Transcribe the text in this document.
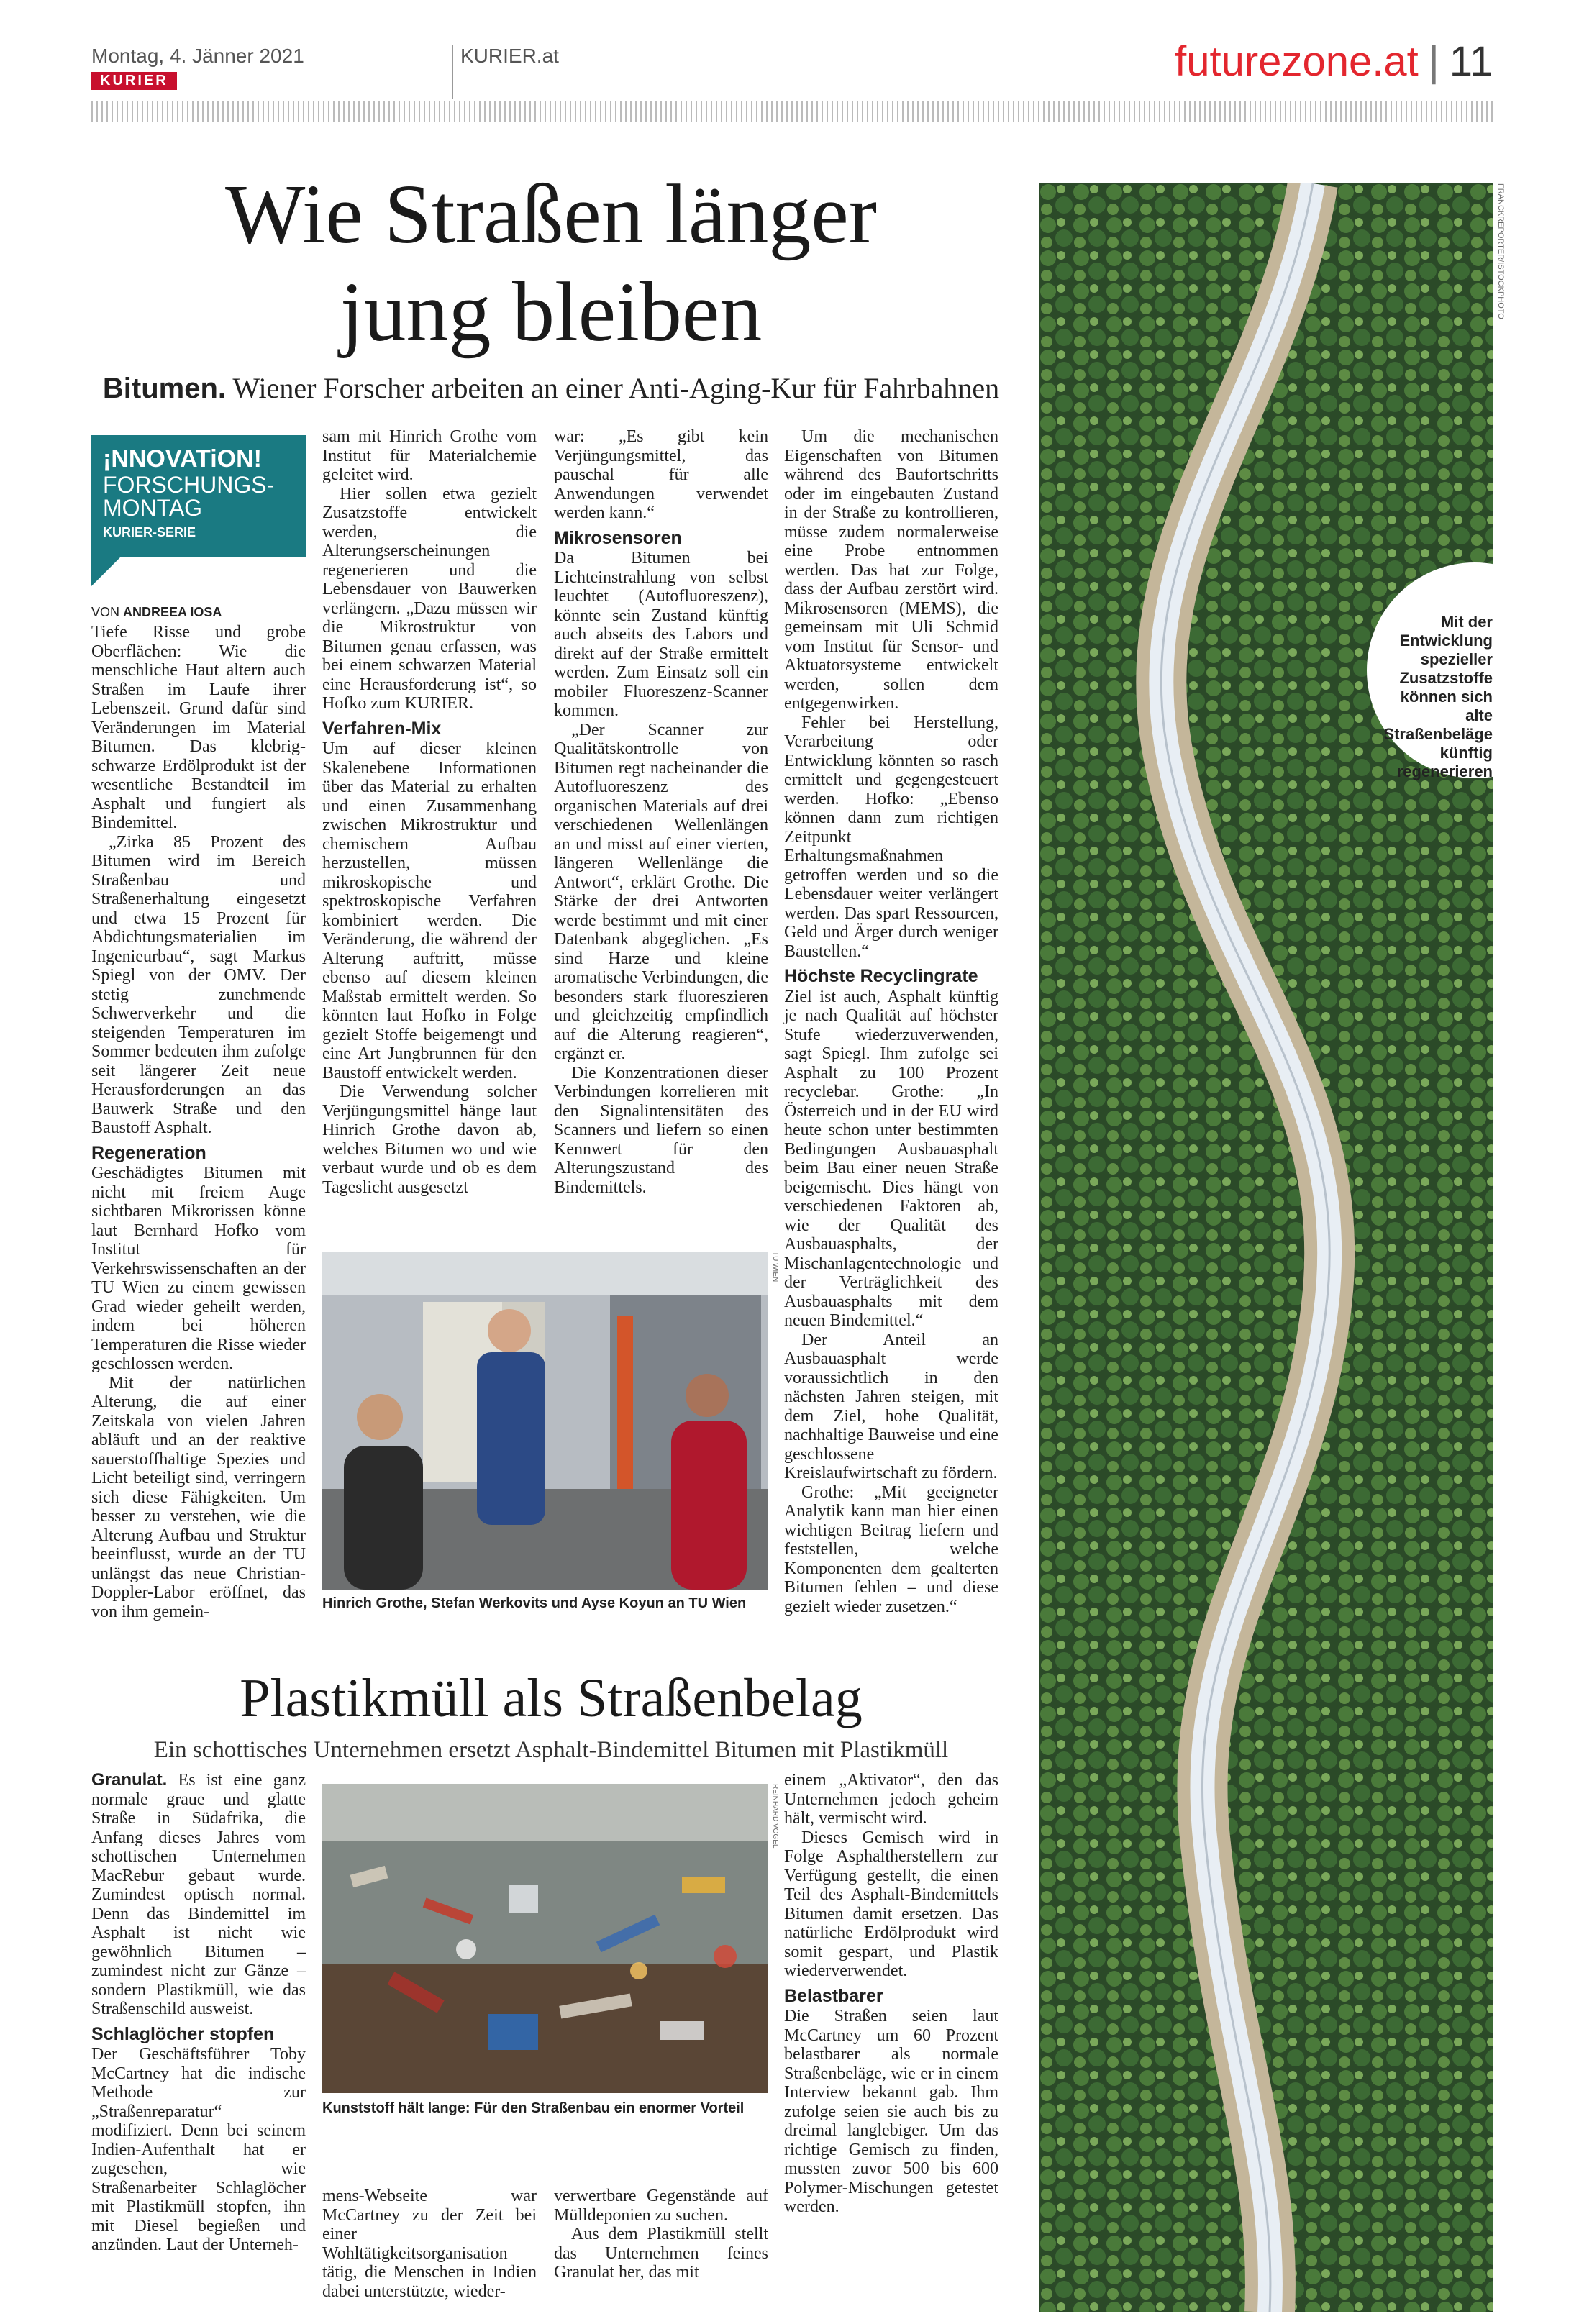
Montag, 4. Jänner 2021
KURIER
KURIER.at	futurezone.at | 11
Wie Straßen länger
jung bleiben
Bitumen. Wiener Forscher arbeiten an einer Anti-Aging-Kur für Fahrbahnen
¡NNOVATiON!
FORSCHUNGS-
MONTAG
KURIER-SERIE
VON ANDREEA IOSA

Tiefe Risse und grobe Oberflächen: Wie die menschliche Haut altern auch Straßen im Laufe ihrer Lebenszeit. Grund dafür sind Veränderungen im Material Bitumen. Das klebrig-schwarze Erdölprodukt ist der wesentliche Bestandteil im Asphalt und fungiert als Bindemittel.

„Zirka 85 Prozent des Bitumen wird im Bereich Straßenbau und Straßenerhaltung eingesetzt und etwa 15 Prozent für Abdichtungsmaterialien im Ingenieurbau“, sagt Markus Spiegl von der OMV. Der stetig zunehmende Schwerverkehr und die steigenden Temperaturen im Sommer bedeuten ihm zufolge seit längerer Zeit neue Herausforderungen an das Bauwerk Straße und den Baustoff Asphalt.

Regeneration

Geschädigtes Bitumen mit nicht mit freiem Auge sichtbaren Mikrorissen könne laut Bernhard Hofko vom Institut für Verkehrswissenschaften an der TU Wien zu einem gewissen Grad wieder geheilt werden, indem bei höheren Temperaturen die Risse wieder geschlossen werden.

Mit der natürlichen Alterung, die auf einer Zeitskala von vielen Jahren abläuft und an der reaktive sauerstoffhaltige Spezies und Licht beteiligt sind, verringern sich diese Fähigkeiten. Um besser zu verstehen, wie die Alterung Aufbau und Struktur beeinflusst, wurde an der TU unlängst das neue Christian-Doppler-Labor eröffnet, das von ihm gemein-

sam mit Hinrich Grothe vom Institut für Materialchemie geleitet wird.

Hier sollen etwa gezielt Zusatzstoffe entwickelt werden, die Alterungserscheinungen regenerieren und die Lebensdauer von Bauwerken verlängern. „Dazu müssen wir die Mikrostruktur von Bitumen genau erfassen, was bei einem schwarzen Material eine Herausforderung ist“, so Hofko zum KURIER.

Verfahren-Mix

Um auf dieser kleinen Skalenebene Informationen über das Material zu erhalten und einen Zusammenhang zwischen Mikrostruktur und chemischem Aufbau herzustellen, müssen mikroskopische und spektroskopische Verfahren kombiniert werden. Die Veränderung, die während der Alterung auftritt, müsse ebenso auf diesem kleinen Maßstab ermittelt werden. So könnten laut Hofko in Folge gezielt Stoffe beigemengt und eine Art Jungbrunnen für den Baustoff entwickelt werden.

Die Verwendung solcher Verjüngungsmittel hänge laut Hinrich Grothe davon ab, welches Bitumen wo und wie verbaut wurde und ob es dem Tageslicht ausgesetzt

war: „Es gibt kein Verjüngungsmittel, das pauschal für alle Anwendungen verwendet werden kann.“

Mikrosensoren

Da Bitumen bei Lichteinstrahlung von selbst leuchtet (Autofluoreszenz), könnte sein Zustand künftig auch abseits des Labors und direkt auf der Straße ermittelt werden. Zum Einsatz soll ein mobiler Fluoreszenz-Scanner kommen.

„Der Scanner zur Qualitätskontrolle von Bitumen regt nacheinander die Autofluoreszenz des organischen Materials auf drei verschiedenen Wellenlängen an und misst auf einer vierten, längeren Wellenlänge die Antwort“, erklärt Grothe. Die Stärke der drei Antworten werde bestimmt und mit einer Datenbank abgeglichen. „Es sind Harze und kleine aromatische Verbindungen, die besonders stark fluoreszieren und gleichzeitig empfindlich auf die Alterung reagieren“, ergänzt er.

Die Konzentrationen dieser Verbindungen korrelieren mit den Signalintensitäten des Scanners und liefern so einen Kennwert für den Alterungszustand des Bindemittels.

Um die mechanischen Eigenschaften von Bitumen während des Baufortschritts oder im eingebauten Zustand in der Straße zu kontrollieren, müsse zudem normalerweise eine Probe entnommen werden. Das hat zur Folge, dass der Aufbau zerstört wird. Mikrosensoren (MEMS), die gemeinsam mit Uli Schmid vom Institut für Sensor- und Aktuatorsysteme entwickelt werden, sollen dem entgegenwirken.

Fehler bei Herstellung, Verarbeitung oder Entwicklung könnten so rasch ermittelt und gegengesteuert werden. Hofko: „Ebenso können dann zum richtigen Zeitpunkt Erhaltungsmaßnahmen getroffen werden und so die Lebensdauer weiter verlängert werden. Das spart Ressourcen, Geld und Ärger durch weniger Baustellen.“

Höchste Recyclingrate

Ziel ist auch, Asphalt künftig je nach Qualität auf höchster Stufe wiederzuverwenden, sagt Spiegl. Ihm zufolge sei Asphalt zu 100 Prozent recyclebar. Grothe: „In Österreich und in der EU wird heute schon unter bestimmten Bedingungen Ausbauasphalt beim Bau einer neuen Straße beigemischt. Dies hängt von verschiedenen Faktoren ab, wie der Qualität des Ausbauasphalts, der Mischanlagentechnologie und der Verträglichkeit des Ausbauasphalts mit dem neuen Bindemittel.“

Der Anteil an Ausbauasphalt werde voraussichtlich in den nächsten Jahren steigen, mit dem Ziel, hohe Qualität, nachhaltige Bauweise und eine geschlossene Kreislaufwirtschaft zu fördern.

Grothe: „Mit geeigneter Analytik kann man hier einen wichtigen Beitrag liefern und feststellen, welche Komponenten dem gealterten Bitumen fehlen – und diese gezielt wieder zusetzen.“

TU WIEN
Hinrich Grothe, Stefan Werkovits und Ayse Koyun an TU Wien
FRANCKREPORTER/ISTOCKPHOTO
Mit der Entwicklung spezieller Zusatzstoffe können sich alte Straßenbeläge künftig regenerieren
Plastikmüll als Straßenbelag
Ein schottisches Unternehmen ersetzt Asphalt-Bindemittel Bitumen mit Plastikmüll

Granulat. Es ist eine ganz normale graue und glatte Straße in Südafrika, die Anfang dieses Jahres vom schottischen Unternehmen MacRebur gebaut wurde. Zumindest optisch normal. Denn das Bindemittel im Asphalt ist nicht wie gewöhnlich Bitumen – zumindest nicht zur Gänze – sondern Plastikmüll, wie das Straßenschild ausweist.

Schlaglöcher stopfen

Der Geschäftsführer Toby McCartney hat die indische Methode zur „Straßenreparatur“ modifiziert. Denn bei seinem Indien-Aufenthalt hat er zugesehen, wie Straßenarbeiter Schlaglöcher mit Plastikmüll stopfen, ihn mit Diesel begießen und anzünden. Laut der Unterneh-

REINHARD VOGEL
Kunststoff hält lange: Für den Straßenbau ein enormer Vorteil

mens-Webseite war McCartney zu der Zeit bei einer Wohltätigkeitsorganisation tätig, die Menschen in Indien dabei unterstützte, wieder-

verwertbare Gegenstände auf Mülldeponien zu suchen.

Aus dem Plastikmüll stellt das Unternehmen feines Granulat her, das mit

einem „Aktivator“, den das Unternehmen jedoch geheim hält, vermischt wird.

Dieses Gemisch wird in Folge Asphaltherstellern zur Verfügung gestellt, die einen Teil des Asphalt-Bindemittels Bitumen damit ersetzen. Das natürliche Erdölprodukt wird somit gespart, und Plastik wiederverwendet.

Belastbarer

Die Straßen seien laut McCartney um 60 Prozent belastbarer als normale Straßenbeläge, wie er in einem Interview bekannt gab. Ihm zufolge seien sie auch bis zu dreimal langlebiger. Um das richtige Gemisch zu finden, mussten zuvor 500 bis 600 Polymer-Mischungen getestet werden.
